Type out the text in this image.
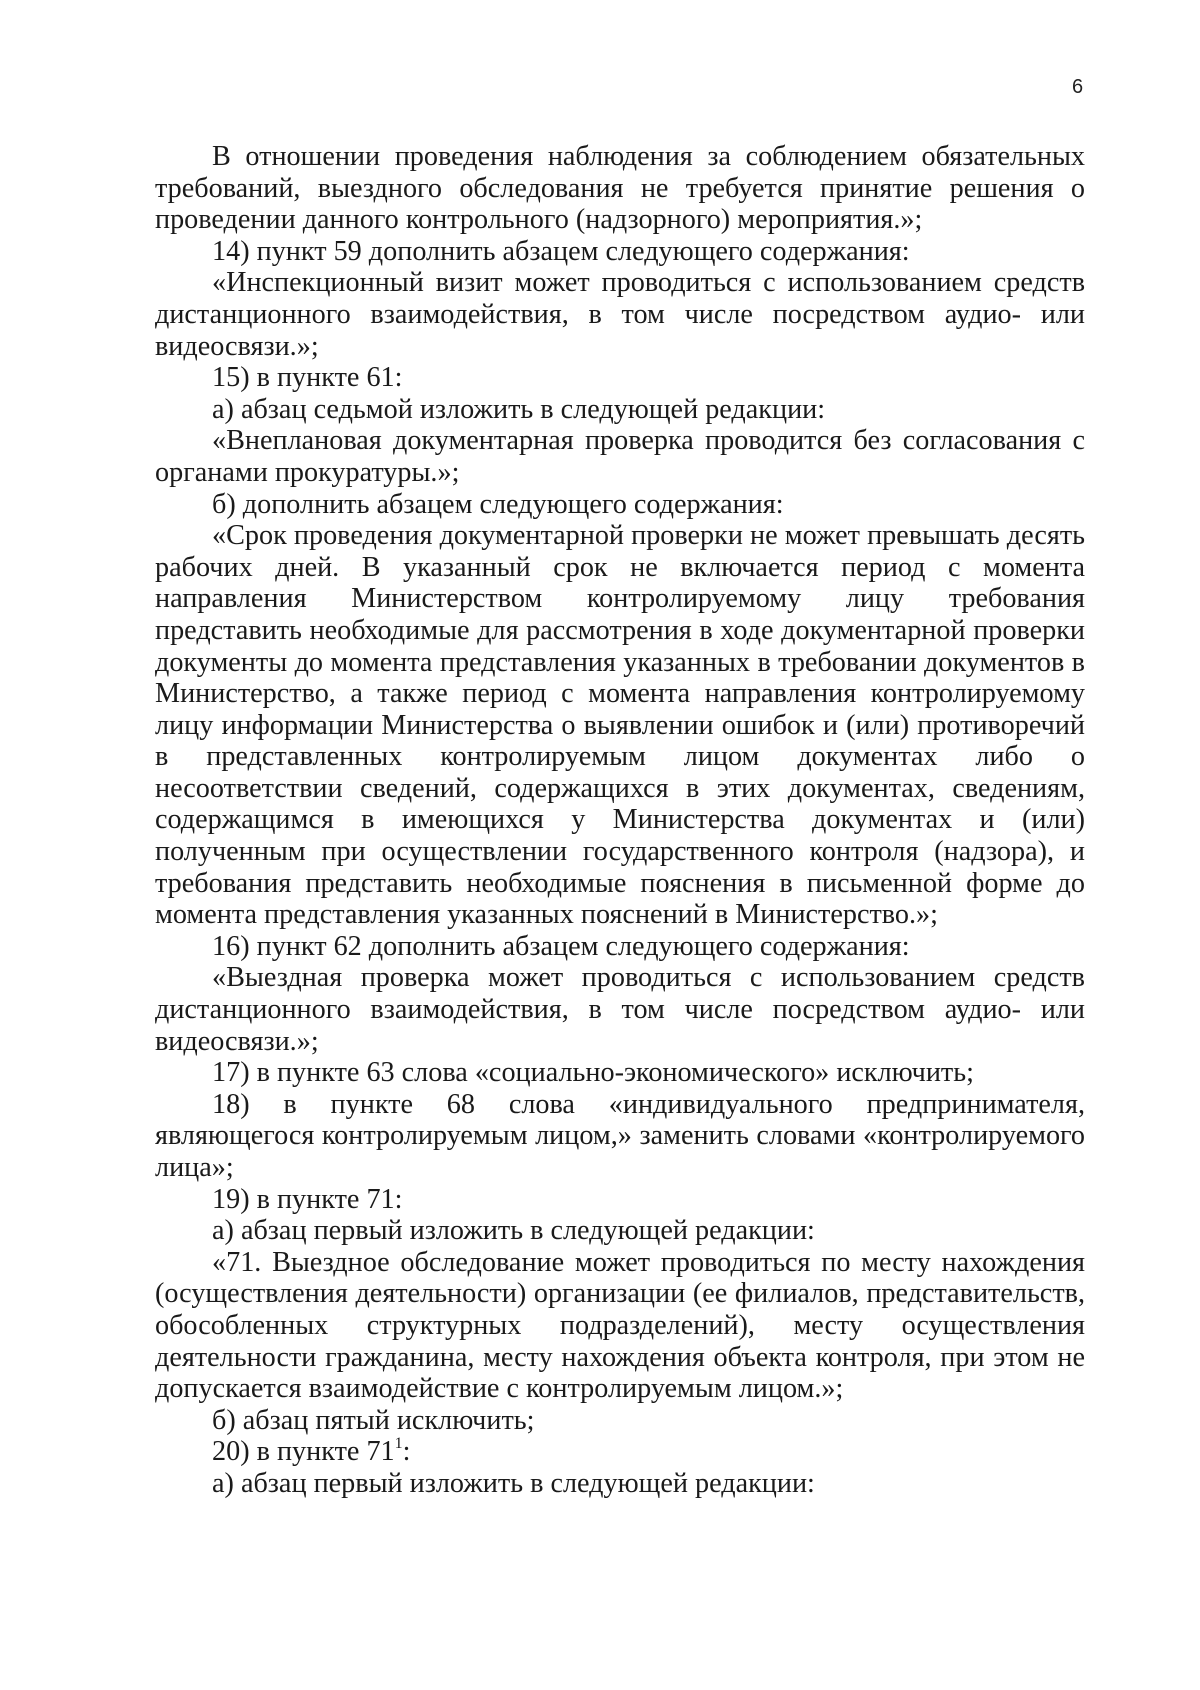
6

В отношении проведения наблюдения за соблюдением обязательных требований, выездного обследования не требуется принятие решения о проведении данного контрольного (надзорного) мероприятия.»;

14) пункт 59 дополнить абзацем следующего содержания:

«Инспекционный визит может проводиться с использованием средств дистанционного взаимодействия, в том числе посредством аудио- или видеосвязи.»;

15) в пункте 61:

а) абзац седьмой изложить в следующей редакции:

«Внеплановая документарная проверка проводится без согласования с органами прокуратуры.»;

б) дополнить абзацем следующего содержания:

«Срок проведения документарной проверки не может превышать десять рабочих дней. В указанный срок не включается период с момента направления Министерством контролируемому лицу требования представить необходимые для рассмотрения в ходе документарной проверки документы до момента представления указанных в требовании документов в Министерство, а также период с момента направления контролируемому лицу информации Министерства о выявлении ошибок и (или) противоречий в представленных контролируемым лицом документах либо о несоответствии сведений, содержащихся в этих документах, сведениям, содержащимся в имеющихся у Министерства документах и (или) полученным при осуществлении государственного контроля (надзора), и требования представить необходимые пояснения в письменной форме до момента представления указанных пояснений в Министерство.»;

16) пункт 62 дополнить абзацем следующего содержания:

«Выездная проверка может проводиться с использованием средств дистанционного взаимодействия, в том числе посредством аудио- или видеосвязи.»;

17) в пункте 63 слова «социально-экономического» исключить;

18) в пункте 68 слова «индивидуального предпринимателя, являющегося контролируемым лицом,» заменить словами «контролируемого лица»;

19) в пункте 71:

а) абзац первый изложить в следующей редакции:

«71. Выездное обследование может проводиться по месту нахождения (осуществления деятельности) организации (ее филиалов, представительств, обособленных структурных подразделений), месту осуществления деятельности гражданина, месту нахождения объекта контроля, при этом не допускается взаимодействие с контролируемым лицом.»;

б) абзац пятый исключить;

20) в пункте $71^1$:

а) абзац первый изложить в следующей редакции:
